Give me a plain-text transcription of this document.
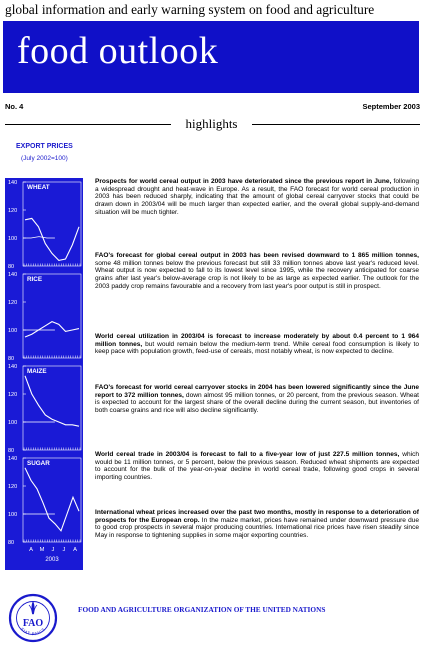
global information and early warning system on food and agriculture
food outlook
No. 4	September 2003
highlights
EXPORT PRICES
(July 2002=100)
140
120
100
80
WHEAT
140
120
100
80
RICE
140
120
100
80
MAIZE
140
120
100
80
SUGAR
A M J J A
2003
Prospects for world cereal output in 2003 have deteriorated since the previous report in June, following a widespread drought and heat-wave in Europe. As a result, the FAO forecast for world cereal production in 2003 has been reduced sharply, indicating that the amount of global cereal carryover stocks that could be drawn down in 2003/04 will be much larger than expected earlier, and the overall global supply-and-demand situation will be much tighter.
FAO's forecast for global cereal output in 2003 has been revised downward to 1 865 million tonnes, some 48 million tonnes below the previous forecast but still 33 million tonnes above last year's reduced level. Wheat output is now expected to fall to its lowest level since 1995, while the recovery anticipated for coarse grains after last year's below-average crop is not likely to be as large as expected earlier. The outlook for the 2003 paddy crop remains favourable and a recovery from last year's poor output is still in prospect.
World cereal utilization in 2003/04 is forecast to increase moderately by about 0.4 percent to 1 964 million tonnes, but would remain below the medium-term trend. While cereal food consumption is likely to keep pace with population growth, feed-use of cereals, most notably wheat, is now expected to decline.
FAO's forecast for world cereal carryover stocks in 2004 has been lowered significantly since the June report to 372 million tonnes, down almost 95 million tonnes, or 20 percent, from the previous season. Wheat is expected to account for the largest share of the overall decline during the current season, but inventories of both coarse grains and rice will also decline significantly.
World cereal trade in 2003/04 is forecast to fall to a five-year low of just 227.5 million tonnes, which would be 11 million tonnes, or 5 percent, below the previous season. Reduced wheat shipments are expected to account for the bulk of the year-on-year decline in world cereal trade, following good crops in several importing countries.
International wheat prices increased over the past two months, mostly in response to a deterioration of prospects for the European crop. In the maize market, prices have remained under downward pressure due to good crop prospects in several major producing countries. International rice prices have risen steadily since May in response to tightening supplies in some major exporting countries.
FAO
FIAT PANIS
FOOD AND AGRICULTURE ORGANIZATION OF THE UNITED NATIONS
